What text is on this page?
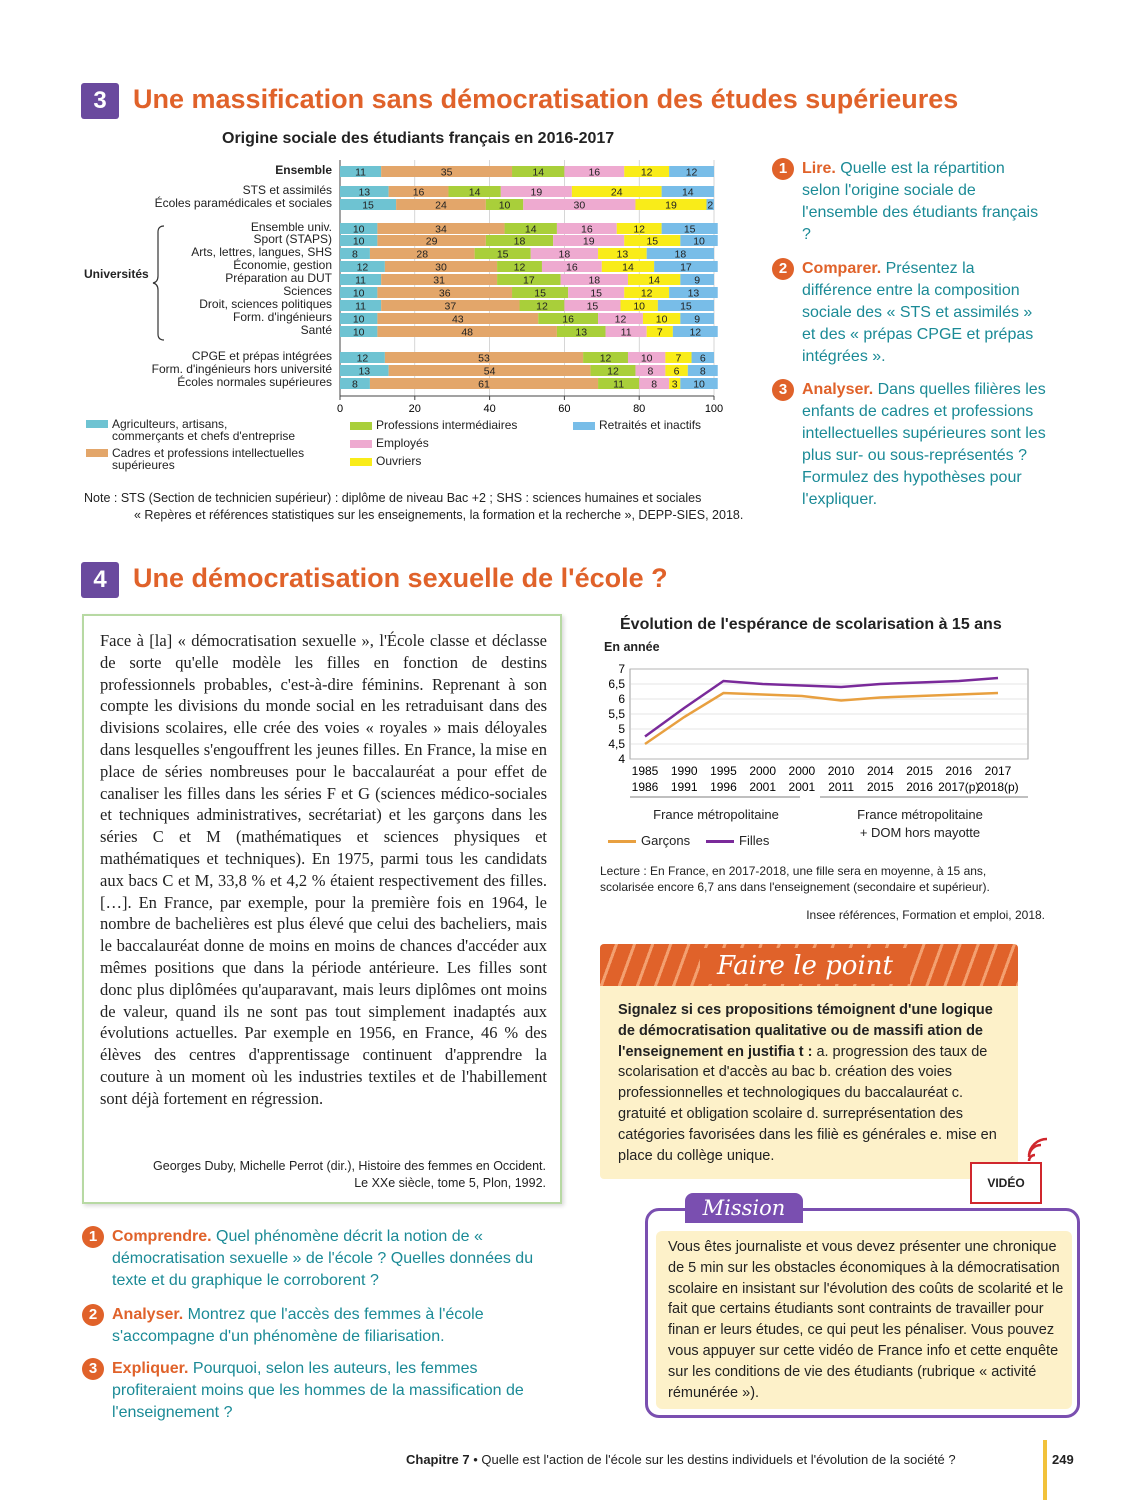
3 Une massification sans démocratisation des études supérieures
Origine sociale des étudiants français en 2016-2017
Ensemble
STS et assimilés
Écoles paramédicales et sociales
Ensemble univ.
Sport (STAPS)
Arts, lettres, langues, SHS
Économie, gestion
Préparation au DUT
Sciences
Droit, sciences politiques
Form. d'ingénieurs
Santé
CPGE et prépas intégrées
Form. d'ingénieurs hors université
Écoles normales supérieures
Universités
0	20	40	60	80	100
11	35	14	16	12	12
13	16	14	19	24	14
15	24	10	30	19	2
10	34	14	16	12	15
10	29	18	19	15	10
8	28	15	18	13	18
12	30	12	16	14	17
11	31	17	18	14	9
10	36	15	15	12	13
11	37	12	15	10	15
10	43	16	12	10	9
10	48	13	11 7	12
12	53	12	10 7 6
13	54	12	8 6 8
8	61	11	8 3 10
Agriculteurs, artisans,
commerçants et chefs d'entreprise
Cadres et professions intellectuelles
supérieures
Professions intermédiaires
Employés
Ouvriers
Retraités et inactifs
Note : STS (Section de technicien supérieur) : diplôme de niveau Bac +2 ; SHS : sciences humaines et sociales
« Repères et références statistiques sur les enseignements, la formation et la recherche », DEPP-SIES, 2018.
1 Lire. Quelle est la répartition selon l'origine sociale de l'ensemble des étudiants français ?
2 Comparer. Présentez la différence entre la composition sociale des « STS et assimilés » et des « prépas CPGE et prépas intégrées ».
3 Analyser. Dans quelles filières les enfants de cadres et professions intellectuelles supérieures sont les plus sur- ou sous-représentés ? Formulez des hypothèses pour l'expliquer.
4 Une démocratisation sexuelle de l'école ?

Face à [la] « démocratisation sexuelle », l'École classe et déclasse de sorte qu'elle modèle les filles en fonction de destins professionnels probables, c'est-à-dire féminins. Reprenant à son compte les divisions du monde social en les retraduisant dans des divisions scolaires, elle crée des voies « royales » mais déloyales dans lesquelles s'engouffrent les jeunes filles. En France, la mise en place de séries nombreuses pour le baccalauréat a pour effet de canaliser les filles dans les séries F et G (sciences médico-sociales et techniques administratives, secrétariat) et les garçons dans les séries C et M (mathématiques et sciences physiques et mathématiques et techniques). En 1975, parmi tous les candidats aux bacs C et M, 33,8 % et 4,2 % étaient respectivement des filles. […]. En France, par exemple, pour la première fois en 1964, le nombre de bachelières est plus élevé que celui des bacheliers, mais le baccalauréat donne de moins en moins de chances d'accéder aux mêmes positions que dans la période antérieure. Les filles sont donc plus diplômées qu'auparavant, mais leurs diplômes ont moins de valeur, quand ils ne sont pas tout simplement inadaptés aux évolutions actuelles. Par exemple en 1956, en France, 46 % des élèves des centres d'apprentissage continuent d'apprendre la couture à un moment où les industries textiles et de l'habillement sont déjà fortement en régression.

Georges Duby, Michelle Perrot (dir.), Histoire des femmes en Occident.
Le XXe siècle, tome 5, Plon, 1992.
Évolution de l'espérance de scolarisation à 15 ans
En année
4
4,5
5
5,5
6
6,5
7
1985
1986
1990
1991
1995
1996
2000
2001
2000
2001
2010
2011
2014
2015
2015
2016
2016
2017(p)
2017
2018(p)
France métropolitaine	France métropolitaine
+ DOM hors mayotte
Garçons	Filles
Lecture : En France, en 2017-2018, une fille sera en moyenne, à 15 ans,
scolarisée encore 6,7 ans dans l'enseignement (secondaire et supérieur).
Insee références, Formation et emploi, 2018.
Faire le point
Signalez si ces propositions témoignent d'une logique de démocratisation qualitative ou de massifi ation de l'enseignement en justifia t : a. progression des taux de scolarisation et d'accès au bac b. création des voies professionnelles et technologiques du baccalauréat c. gratuité et obligation scolaire d. surreprésentation des catégories favorisées dans les filiè es générales e. mise en place du collège unique.
VIDÉO
Vous êtes journaliste et vous devez présenter une chronique de 5 min sur les obstacles économiques à la démocratisation scolaire en insistant sur l'évolution des coûts de scolarité et le fait que certains étudiants sont contraints de travailler pour finan er leurs études, ce qui peut les pénaliser. Vous pouvez vous appuyer sur cette vidéo de France info et cette enquête sur les conditions de vie des étudiants (rubrique « activité rémunérée »).
Mission
1 Comprendre. Quel phénomène décrit la notion de « démocratisation sexuelle » de l'école ? Quelles données du texte et du graphique le corroborent ?
2 Analyser. Montrez que l'accès des femmes à l'école s'accompagne d'un phénomène de filiarisation.
3 Expliquer. Pourquoi, selon les auteurs, les femmes profiteraient moins que les hommes de la massification de l'enseignement ?
Chapitre 7 • Quelle est l'action de l'école sur les destins individuels et l'évolution de la société ?	249
